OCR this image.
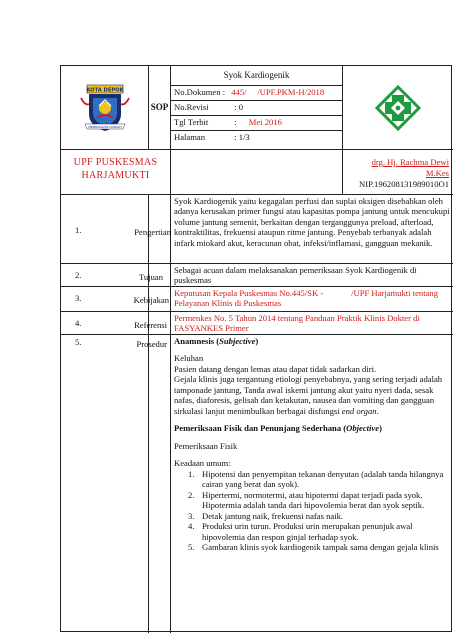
KOTA DEPOK
MEMBANGUN DAERAH
SOP
Syok Kardiogenik
No.Dokumen : 445/     /UPF.PKM-H/2018
No.Revisi	: 0
Tgl Terbit	: Mei 2016
Halaman	: 1/3
UPF PUSKESMAS
HARJAMUKTI
drg. Hj. Rachma Dewi
M.Kes
NIP.196208131989010O1
1.	Pengertian
Syok Kardiogenik yaitu kegagalan perfusi dan suplai oksigen disebabkan oleh adanya kerusakan primer fungsi atau kapasitas pompa jantung untuk mencukupi volume jantung semenit, berkaitan dengan terganggunya preload, afterload, kontraktilitas, frekuensi ataupun ritme jantung. Penyebab terbanyak adalah infark miokard akut, keracunan obat, infeksi/inflamasi, gangguan mekanik.
2.	Tujuan
Sebagai acuan dalam melaksanakan pemeriksaan Syok Kardiogenik di puskesmas
3.	Kebijakan
Keputusan Kepala Puskesmas No.445/SK -             /UPF Harjamukti tentang Pelayanan Klinis di Puskesmas
4.	Referensi
Permenkes No. 5 Tahun 2014 tentang Panduan Praktik Klinis Dokter di FASYANKES Primer
5.	Prosedur Anamnesis (Subjective)

Keluhan

Pasien datang dengan lemas atau dapat tidak sadarkan diri.

Gejala klinis juga tergantung etiologi penyebabnya, yang sering terjadi adalah tamponade jantung, Tanda awal iskemi jantung akut yaitu nyeri dada, sesak nafas, diaforesis, gelisah dan ketakutan, nausea dan vomiting dan gangguan sirkulasi lanjut menimbulkan berbagai disfungsi end organ.

Pemeriksaan Fisik dan Penunjang Sederhana (Objective)

Pemeriksaan Fisik

Keadaan umum:

1. Hipotensi dan penyempitan tekanan denyutan (adalah tanda hilangnya cairan yang berat dan syok).
2. Hipertermi, normotermi, atau hipotermi dapat terjadi pada syok. Hipotermia adalah tanda dari hipovolemia berat dan syok septik.
3. Detak jantung naik, frekuensi nafas naik.
4. Produksi urin turun. Produksi urin merupakan penunjuk awal hipovolemia dan respon ginjal terhadap syok.
5. Gambaran klinis syok kardiogenik tampak sama dengan gejala klinis
